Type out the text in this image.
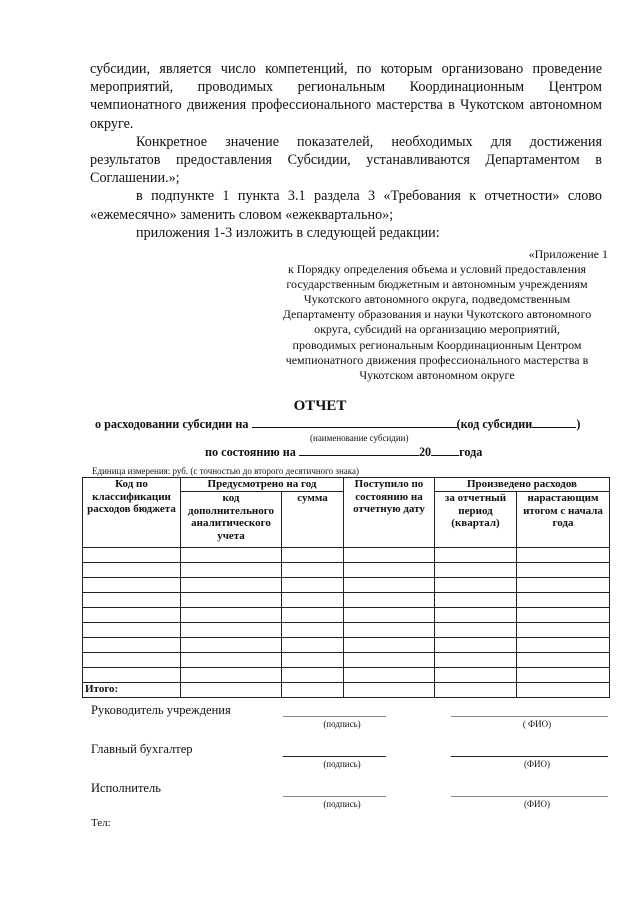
субсидии, является число компетенций, по которым организовано проведение мероприятий, проводимых региональным Координационным Центром чемпионатного движения профессионального мастерства в Чукотском автономном округе.

Конкретное значение показателей, необходимых для достижения результатов предоставления Субсидии, устанавливаются Департаментом в Соглашении.»;

в подпункте 1 пункта 3.1 раздела 3 «Требования к отчетности» слово «ежемесячно» заменить словом «ежеквартально»;

приложения 1-3 изложить в следующей редакции:

«Приложение 1
к Порядку определения объема и условий предоставления
государственным бюджетным и автономным учреждениям
Чукотского автономного округа, подведомственным
Департаменту образования и науки Чукотского автономного
округа, субсидий на организацию мероприятий,
проводимых региональным Координационным Центром
чемпионатного движения профессионального мастерства в
Чукотском автономном округе
ОТЧЕТ
о расходовании субсидии на	(код субсидии	)
(наименование субсидии)
по состоянию на	20 года
Единица измерения: руб. (с точностью до второго десятичного знака)
Код по классификации расходов бюджета	Предусмотрено на год		Поступило по состоянию на отчетную дату	Произведено расходов	
	код дополнительного аналитического учета	сумма		за отчетный период (квартал)	нарастающим итогом с начала года

Итого:					
Руководитель учреждения
(подпись)	( ФИО)
Главный бухгалтер
(подпись)	(ФИО)
Исполнитель
(подпись)	(ФИО)
Тел:
